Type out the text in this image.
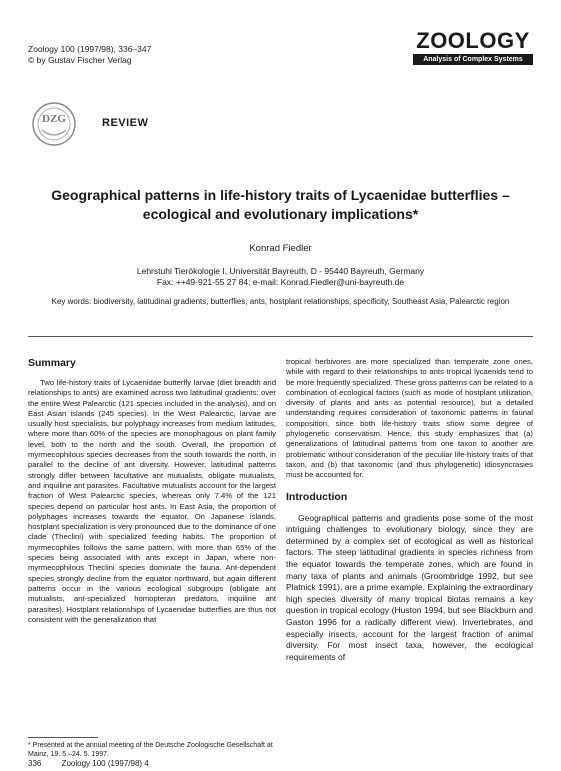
Zoology 100 (1997/98), 336–347
© by Gustav Fischer Verlag
ZOOLOGY
Analysis of Complex Systems
DZG	REVIEW
Geographical patterns in life-history traits of Lycaenidae butterflies –
ecological and evolutionary implications*
Konrad Fiedler
Lehrstuhl Tierökologie I, Universität Bayreuth, D - 95440 Bayreuth, Germany
Fax: ++49-921-55 27 84; e-mail: Konrad.Fiedler@uni-bayreuth.de
Key words: biodiversity, latitudinal gradients, butterflies, ants, hostplant relationships, specificity, Southeast Asia, Palearctic region
Summary

Two life-history traits of Lycaenidae butterfly larvae (diet breadth and relationships to ants) are examined across two latitudinal gradients: over the entire West Palearctic (121 species included in the analysis), and on East Asian islands (245 species). In the West Palearctic, larvae are usually host specialists, but polyphagy increases from medium latitudes, where more than 60% of the species are monophagous on plant family level, both to the north and the south. Overall, the proportion of myrmecophilous species decreases from the south towards the north, in parallel to the decline of ant diversity. However, latitudinal patterns strongly differ between facultative ant mutualists, obligate mutualists, and inquiline ant parasites. Facultative mutualists account for the largest fraction of West Palearctic species, whereas only 7.4% of the 121 species depend on particular host ants. In East Asia, the proportion of polyphages increases towards the equator. On Japanese islands, hostplant specialization is very pronounced due to the dominance of one clade (Theclini) with specialized feeding habits. The proportion of myrmecophiles follows the same pattern, with more than 65% of the species being associated with ants except in Japan, where non-myrmecophilous Theclini species dominate the fauna. Ant-dependent species strongly decline from the equator northward, but again different patterns occur in the various ecological subgroups (obligate ant mutualists, ant-specialized homopteran predators, inquiline ant parasites). Hostplant relationships of Lycaenidae butterflies are thus not consistent with the generalization that

tropical herbivores are more specialized than temperate zone ones, while with regard to their relationships to ants tropical lycaenids tend to be more frequently specialized. These gross patterns can be related to a combination of ecological factors (such as mode of hostplant utilization, diversity of plants and ants as potential resource), but a detailed understanding requires consideration of taxonomic patterns in faunal composition, since both life-history traits show some degree of phylogenetic conservatism. Hence, this study emphasizes that (a) generalizations of latitudinal patterns from one taxon to another are problematic without consideration of the peculiar life-history traits of that taxon, and (b) that taxonomic (and thus phylogenetic) idiosyncrasies must be accounted for.

Introduction

Geographical patterns and gradients pose some of the most intriguing challenges to evolutionary biology, since they are determined by a complex set of ecological as well as historical factors. The steep latitudinal gradients in species richness from the equator towards the temperate zones, which are found in many taxa of plants and animals (Groombridge 1992, but see Platnick 1991), are a prime example. Explaining the extraordinary high species diversity of many tropical biotas remains a key question in tropical ecology (Huston 1994, but see Blackburn and Gaston 1996 for a radically different view). Invertebrates, and especially insects, account for the largest fraction of animal diversity. For most insect taxa, however, the ecological requirements of

* Presented at the annual meeting of the Deutsche Zoologische Gesellschaft at Mainz, 19. 5.–24. 5. 1997.
336	Zoology 100 (1997/98) 4
